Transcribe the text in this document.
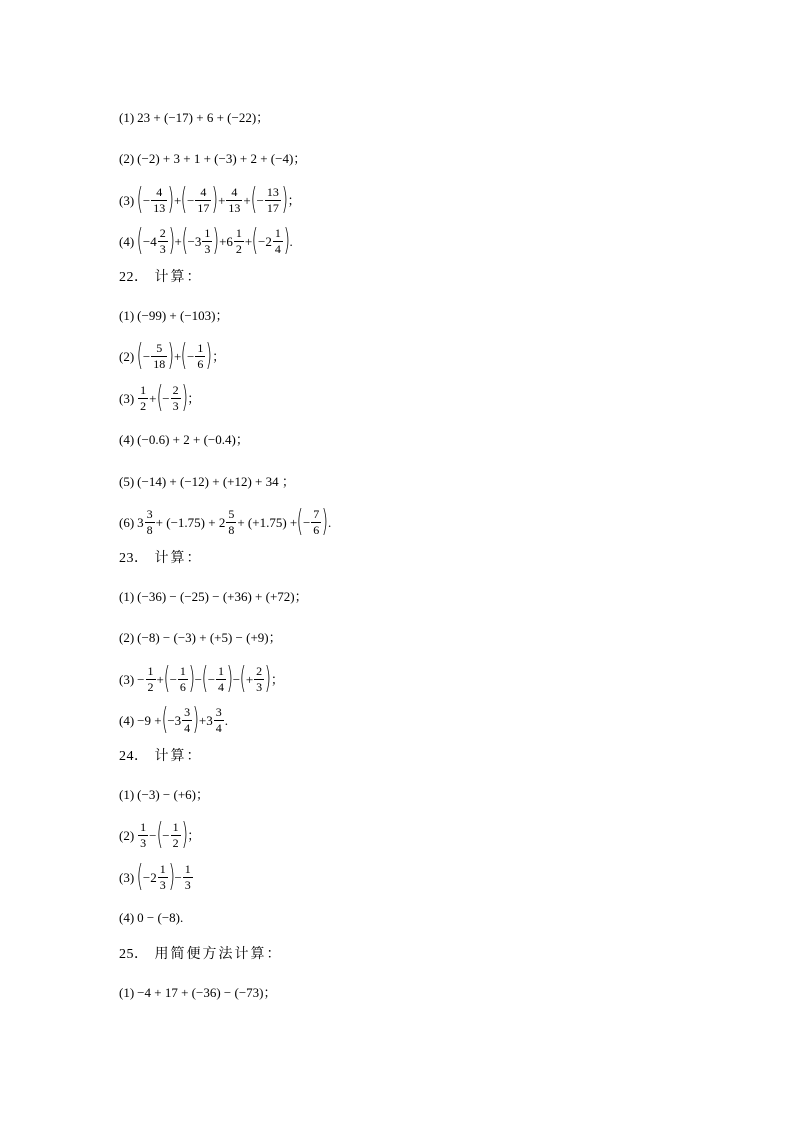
(1) 23 + (−17) + 6 + (−22)；
(2) (−2) + 3 + 1 + (−3) + 2 + (−4)；
(3) ( − $\frac{4}{13}$ ) + ( − $\frac{4}{17}$ ) + $\frac{4}{13}$ + ( − $\frac{13}{17}$ ) ；
(4) ( − 4
2
3 ) + ( − 3
1
3 ) + 6
1
2 + ( − 2
1
4 ) .
22． 计算：
(1) (−99) + (−103)；
(2) ( − $\frac{5}{18}$ ) + ( − $\frac{1}{6}$ ) ；
(3)
1
2 + ( − $\frac{2}{3}$ ) ；
(4) (−0.6) + 2 + (−0.4)；
(5) (−14) + (−12) + (+12) + 34 ；
(6) 3
3
8 + (−1.75) + 2
5
8 + (+1.75) + ( − $\frac{7}{6}$ ) .
23． 计算：
(1) (−36) − (−25) − (+36) + (+72)；
(2) (−8) − (−3) + (+5) − (+9)；
$(3) - \frac{1}{2}$ + ( − $\frac{1}{6}$ ) − ( − $\frac{1}{4}$ ) − ( + $\frac{2}{3}$ ) ；
(4) −9 + ( − 3
3
4 ) + 3
3
4 .
24． 计算：
(1) (−3) − (+6)；
(2)
1
3 − ( − $\frac{1}{2}$ ) ；
(3) ( − 2
1
3 ) − $\frac{1}{3}$
(4) 0 − (−8).
25． 用简便方法计算：
(1) −4 + 17 + (−36) − (−73)；
